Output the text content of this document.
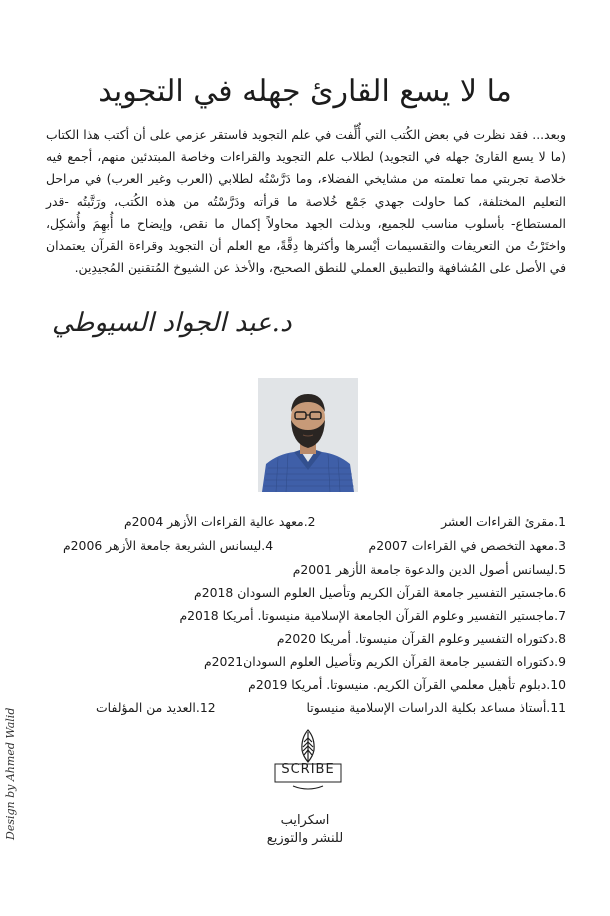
ما لا يسع القارئ جهله في التجويد
وبعد... فقد نظرت في بعض الكُتب التي أُلِّفت في علم التجويد فاستقر عزمي على أن أكتب هذا الكتاب (ما لا يسع القارئ جهله في التجويد) لطلاب علم التجويد والقراءات وخاصة المبتدئين منهم، أجمع فيه خلاصة تجربتي مما تعلمته من مشايخي الفضلاء، وما دَرَّسْتُه لطلابي (العرب وغير العرب) في مراحل التعليم المختلفة، كما حاولت جهدي جَمْع خُلاصة ما قرأته ودَرَّسْتُه من هذه الكُتب، ورَتَّبتُه -قدر المستطاع- بأسلوب مناسب للجميع، وبذلت الجهد محاولاً إكمال ما نقص، وإيضاح ما أُبهِمَ وأُشكِل، واختَرْتُ من التعريفات والتقسيمات أيْسرها وأكثرها دِقَّةً، مع العلم أن التجويد وقراءة القرآن يعتمدان في الأصل على المُشافهة والتطبيق العملي للنطق الصحيح، والأخذ عن الشيوخ المُتقنين المُجيدِين.
د.عبد الجواد السيوطي
1.مقرئ القراءات العشر
2.معهد عالية القراءات الأزهر 2004م
3.معهد التخصص في القراءات 2007م
4.ليسانس الشريعة جامعة الأزهر 2006م
5.ليسانس أصول الدين والدعوة جامعة الأزهر 2001م
6.ماجستير التفسير جامعة القرآن الكريم وتأصيل العلوم السودان 2018م
7.ماجستير التفسير وعلوم القرآن الجامعة الإسلامية منيسوتا. أمريكا 2018م
8.دكتوراه التفسير وعلوم القرآن منيسوتا. أمريكا 2020م
9.دكتوراه التفسير جامعة القرآن الكريم وتأصيل العلوم السودان2021م
10.دبلوم تأهيل معلمي القرآن الكريم. منيسوتا. أمريكا 2019م
11.أستاذ مساعد بكلية الدراسات الإسلامية منيسوتا
12.العديد من المؤلفات
Design by Ahmed Walid	SCRIBE
اسكرايب
للنشر والتوزيع
